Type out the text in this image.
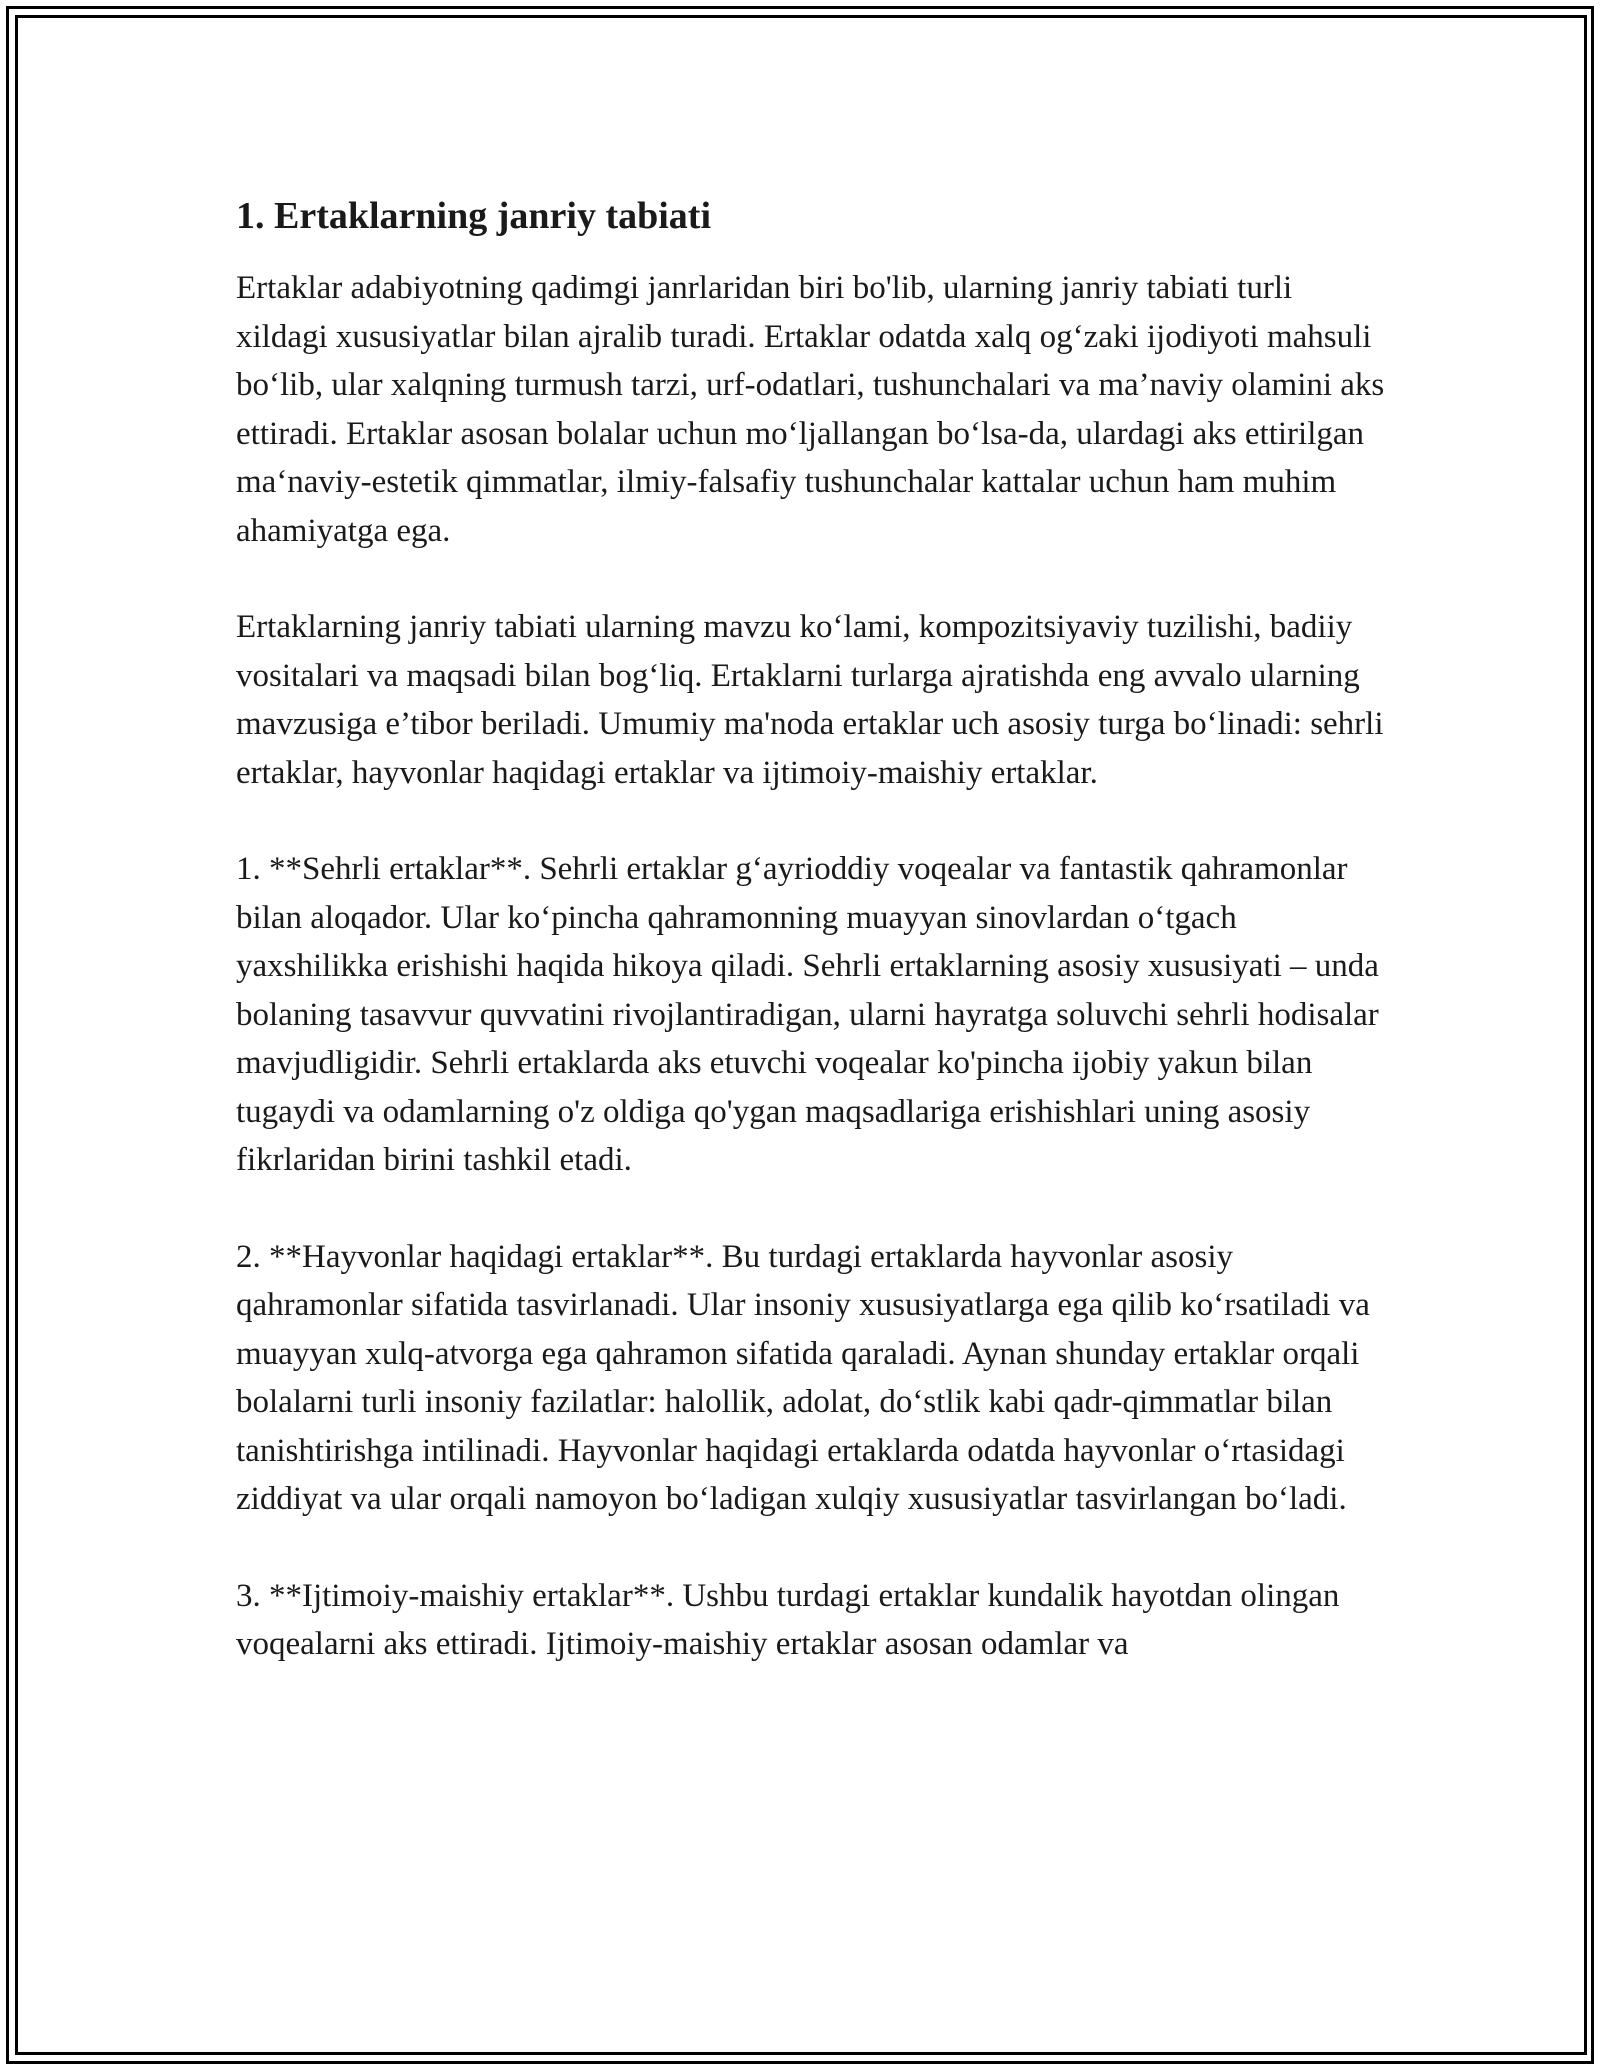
1. Ertaklarning janriy tabiati

Ertaklar adabiyotning qadimgi janrlaridan biri bo'lib, ularning janriy tabiati turli xildagi xususiyatlar bilan ajralib turadi. Ertaklar odatda xalq og‘zaki ijodiyoti mahsuli bo‘lib, ular xalqning turmush tarzi, urf-odatlari, tushunchalari va ma’naviy olamini aks ettiradi. Ertaklar asosan bolalar uchun mo‘ljallangan bo‘lsa-da, ulardagi aks ettirilgan ma‘naviy-estetik qimmatlar, ilmiy-falsafiy tushunchalar kattalar uchun ham muhim ahamiyatga ega.

Ertaklarning janriy tabiati ularning mavzu ko‘lami, kompozitsiyaviy tuzilishi, badiiy vositalari va maqsadi bilan bog‘liq. Ertaklarni turlarga ajratishda eng avvalo ularning mavzusiga e’tibor beriladi. Umumiy ma'noda ertaklar uch asosiy turga bo‘linadi: sehrli ertaklar, hayvonlar haqidagi ertaklar va ijtimoiy-maishiy ertaklar.

1. **Sehrli ertaklar**. Sehrli ertaklar g‘ayrioddiy voqealar va fantastik qahramonlar bilan aloqador. Ular ko‘pincha qahramonning muayyan sinovlardan o‘tgach yaxshilikka erishishi haqida hikoya qiladi. Sehrli ertaklarning asosiy xususiyati – unda bolaning tasavvur quvvatini rivojlantiradigan, ularni hayratga soluvchi sehrli hodisalar mavjudligidir. Sehrli ertaklarda aks etuvchi voqealar ko'pincha ijobiy yakun bilan tugaydi va odamlarning o'z oldiga qo'ygan maqsadlariga erishishlari uning asosiy fikrlaridan birini tashkil etadi.

2. **Hayvonlar haqidagi ertaklar**. Bu turdagi ertaklarda hayvonlar asosiy qahramonlar sifatida tasvirlanadi. Ular insoniy xususiyatlarga ega qilib ko‘rsatiladi va muayyan xulq-atvorga ega qahramon sifatida qaraladi. Aynan shunday ertaklar orqali bolalarni turli insoniy fazilatlar: halollik, adolat, do‘stlik kabi qadr-qimmatlar bilan tanishtirishga intilinadi. Hayvonlar haqidagi ertaklarda odatda hayvonlar o‘rtasidagi ziddiyat va ular orqali namoyon bo‘ladigan xulqiy xususiyatlar tasvirlangan bo‘ladi.

3. **Ijtimoiy-maishiy ertaklar**. Ushbu turdagi ertaklar kundalik hayotdan olingan voqealarni aks ettiradi. Ijtimoiy-maishiy ertaklar asosan odamlar va
